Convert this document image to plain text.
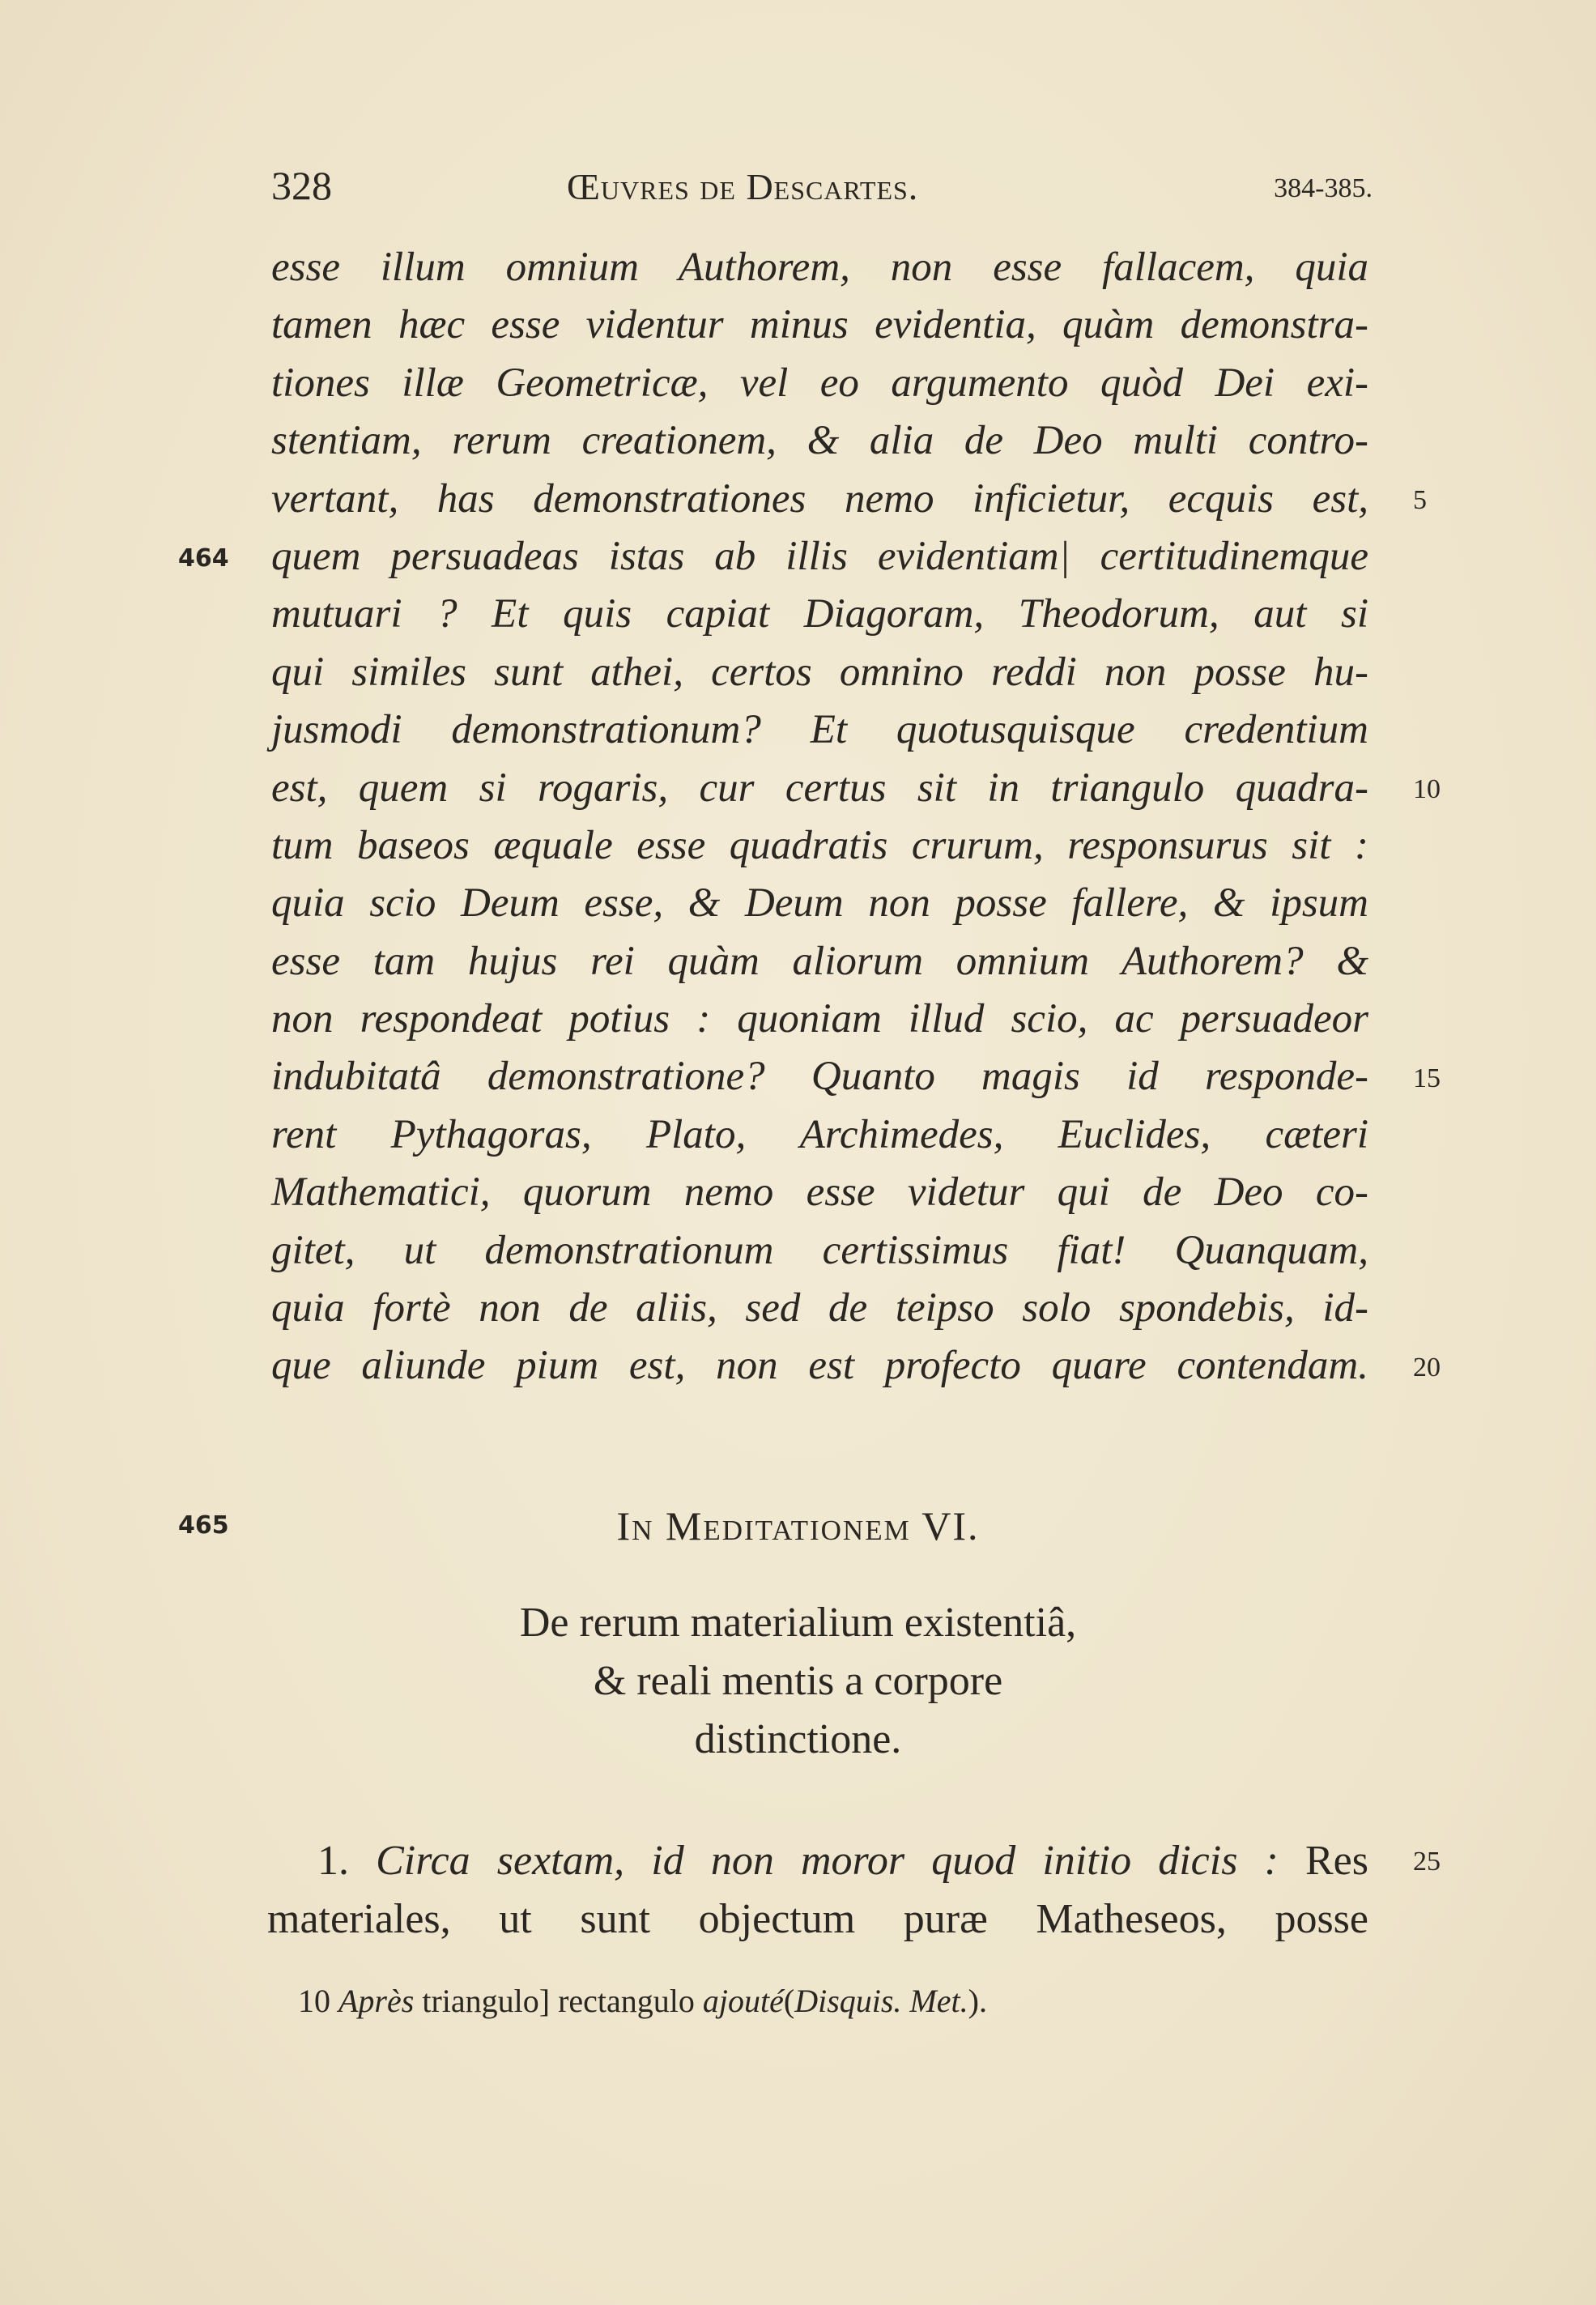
328	Œuvres de Descartes.	384-385.
esse illum omnium Authorem, non esse fallacem, quia
tamen hæc esse videntur minus evidentia, quàm demonstra-
tiones illæ Geometricæ, vel eo argumento quòd Dei exi-
stentiam, rerum creationem, & alia de Deo multi contro-
vertant, has demonstrationes nemo inficietur, ecquis est,
quem persuadeas istas ab illis evidentiam| certitudinemque
mutuari ? Et quis capiat Diagoram, Theodorum, aut si
qui similes sunt athei, certos omnino reddi non posse hu-
jusmodi demonstrationum? Et quotusquisque credentium
est, quem si rogaris, cur certus sit in triangulo quadra-
tum baseos æquale esse quadratis crurum, responsurus sit :
quia scio Deum esse, & Deum non posse fallere, & ipsum
esse tam hujus rei quàm aliorum omnium Authorem? &
non respondeat potius : quoniam illud scio, ac persuadeor
indubitatâ demonstratione? Quanto magis id responde-
rent Pythagoras, Plato, Archimedes, Euclides, cæteri
Mathematici, quorum nemo esse videtur qui de Deo co-
gitet, ut demonstrationum certissimus fiat! Quanquam,
quia fortè non de aliis, sed de teipso solo spondebis, id-
que aliunde pium est, non est profecto quare contendam.
5
10
15
20
464
465	In Meditationem VI.
De rerum materialium existentiâ,
& reali mentis a corpore
distinctione.
1. Circa sextam, id non moror quod initio dicis : Res
materiales, ut sunt objectum puræ Matheseos, posse
25
10 Après triangulo] rectangulo ajouté(Disquis. Met.).
